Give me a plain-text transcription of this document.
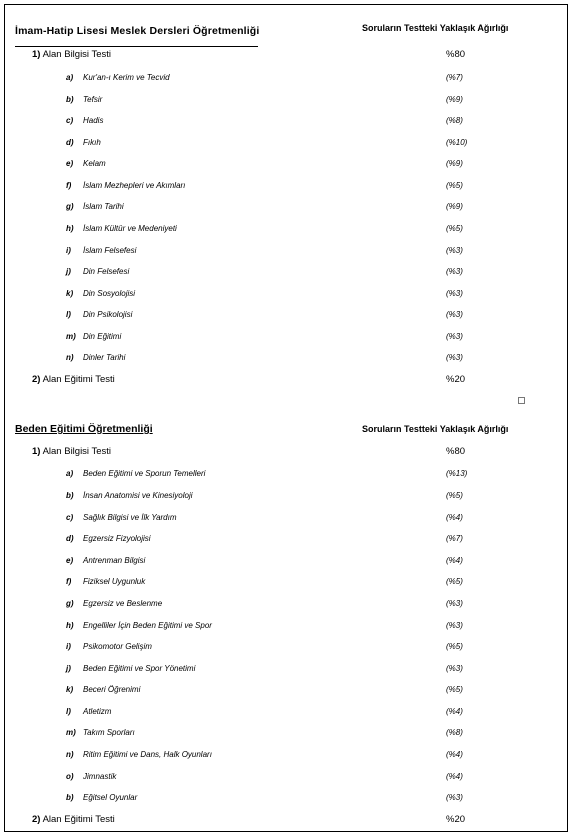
İmam-Hatip Lisesi Meslek Dersleri Öğretmenliği	Soruların Testteki Yaklaşık Ağırlığı
1) Alan Bilgisi Testi	%80
a) Kur'an-ı Kerim ve Tecvid	(%7)
b) Tefsir	(%9)
c) Hadis	(%8)
d) Fıkıh	(%10)
e) Kelam	(%9)
f) İslam Mezhepleri ve Akımları	(%5)
g) İslam Tarihi	(%9)
h) İslam Kültür ve Medeniyeti	(%5)
i) İslam Felsefesi	(%3)
j) Din Felsefesi	(%3)
k) Din Sosyolojisi	(%3)
l) Din Psikolojisi	(%3)
m) Din Eğitimi	(%3)
n) Dinler Tarihi	(%3)
2) Alan Eğitimi Testi	%20
Beden Eğitimi Öğretmenliği	Soruların Testteki Yaklaşık Ağırlığı
1) Alan Bilgisi Testi	%80
a) Beden Eğitimi ve Sporun Temelleri	(%13)
b) İnsan Anatomisi ve Kinesiyoloji	(%5)
c) Sağlık Bilgisi ve İlk Yardım	(%4)
d) Egzersiz Fizyolojisi	(%7)
e) Antrenman Bilgisi	(%4)
f) Fiziksel Uygunluk	(%5)
g) Egzersiz ve Beslenme	(%3)
h) Engelliler İçin Beden Eğitimi ve Spor	(%3)
i) Psikomotor Gelişim	(%5)
j) Beden Eğitimi ve Spor Yönetimi	(%3)
k) Beceri Öğrenimi	(%5)
l) Atletizm	(%4)
m) Takım Sporları	(%8)
n) Ritim Eğitimi ve Dans, Halk Oyunları	(%4)
o) Jimnastik	(%4)
b) Eğitsel Oyunlar	(%3)
2) Alan Eğitimi Testi	%20
